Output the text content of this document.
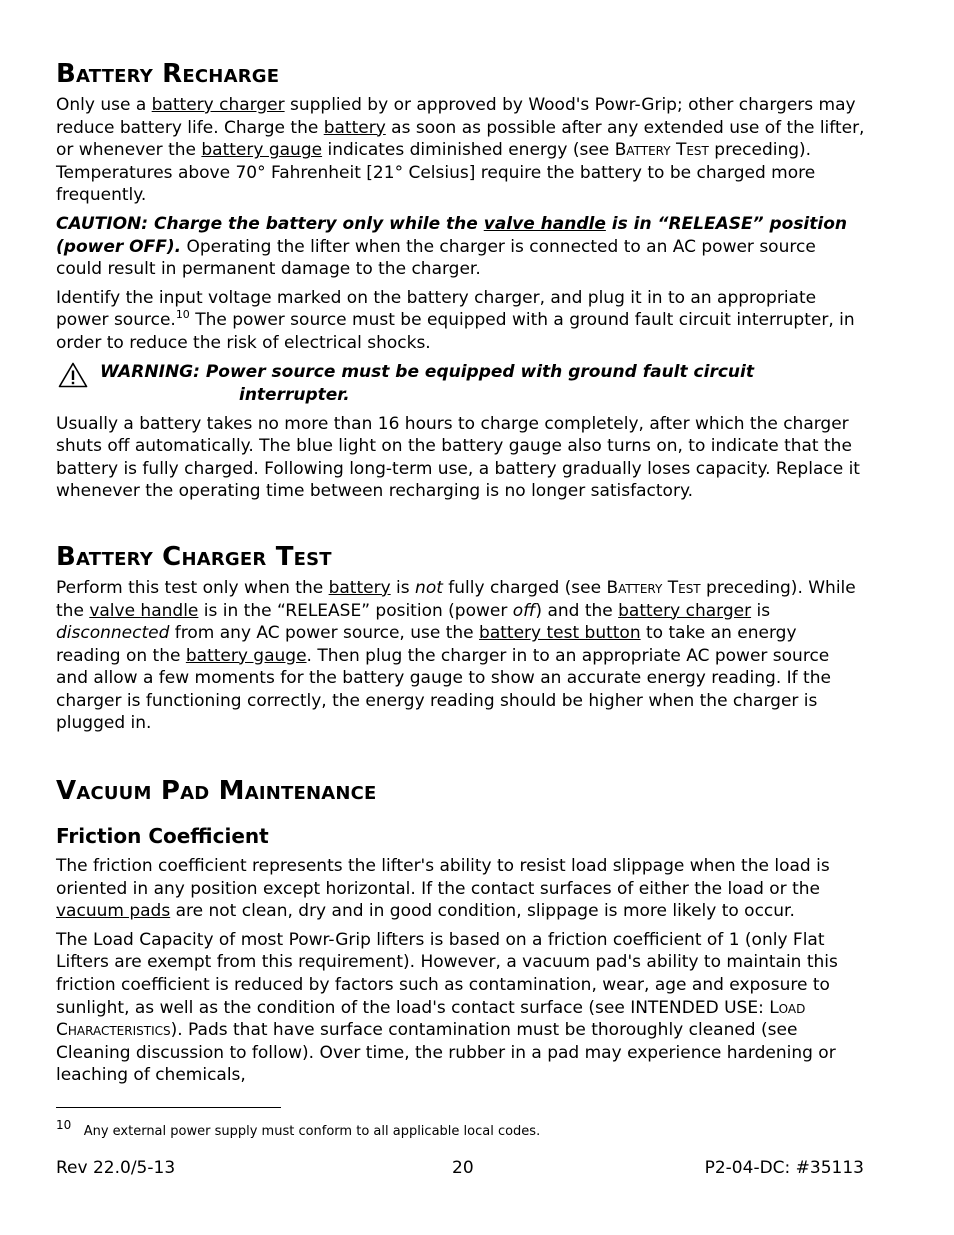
Battery Recharge

Only use a battery charger supplied by or approved by Wood's Powr-Grip; other chargers may reduce battery life. Charge the battery as soon as possible after any extended use of the lifter, or whenever the battery gauge indicates diminished energy (see Battery Test preceding). Temperatures above 70° Fahrenheit [21° Celsius] require the battery to be charged more frequently.

CAUTION: Charge the battery only while the valve handle is in “RELEASE” position (power OFF). Operating the lifter when the charger is connected to an AC power source could result in permanent damage to the charger.

Identify the input voltage marked on the battery charger, and plug it in to an appropriate power source.$^{10}$ The power source must be equipped with a ground fault circuit interrupter, in order to reduce the risk of electrical shocks.

WARNING: Power source must be equipped with ground fault circuit
interrupter.

Usually a battery takes no more than 16 hours to charge completely, after which the charger shuts off automatically. The blue light on the battery gauge also turns on, to indicate that the battery is fully charged. Following long-term use, a battery gradually loses capacity. Replace it whenever the operating time between recharging is no longer satisfactory.

Battery Charger Test

Perform this test only when the battery is not fully charged (see Battery Test preceding). While the valve handle is in the “RELEASE” position (power off) and the battery charger is disconnected from any AC power source, use the battery test button to take an energy reading on the battery gauge. Then plug the charger in to an appropriate AC power source and allow a few moments for the battery gauge to show an accurate energy reading. If the charger is functioning correctly, the energy reading should be higher when the charger is plugged in.

Vacuum Pad Maintenance
Friction Coefficient

The friction coefficient represents the lifter's ability to resist load slippage when the load is oriented in any position except horizontal. If the contact surfaces of either the load or the vacuum pads are not clean, dry and in good condition, slippage is more likely to occur.

The Load Capacity of most Powr-Grip lifters is based on a friction coefficient of 1 (only Flat Lifters are exempt from this requirement). However, a vacuum pad's ability to maintain this friction coefficient is reduced by factors such as contamination, wear, age and exposure to sunlight, as well as the condition of the load's contact surface (see INTENDED USE: Load Characteristics). Pads that have surface contamination must be thoroughly cleaned (see Cleaning discussion to follow). Over time, the rubber in a pad may experience hardening or leaching of chemicals,

$^{10}$ Any external power supply must conform to all applicable local codes.
Rev 22.0/5-13	20	P2-04-DC: #35113
